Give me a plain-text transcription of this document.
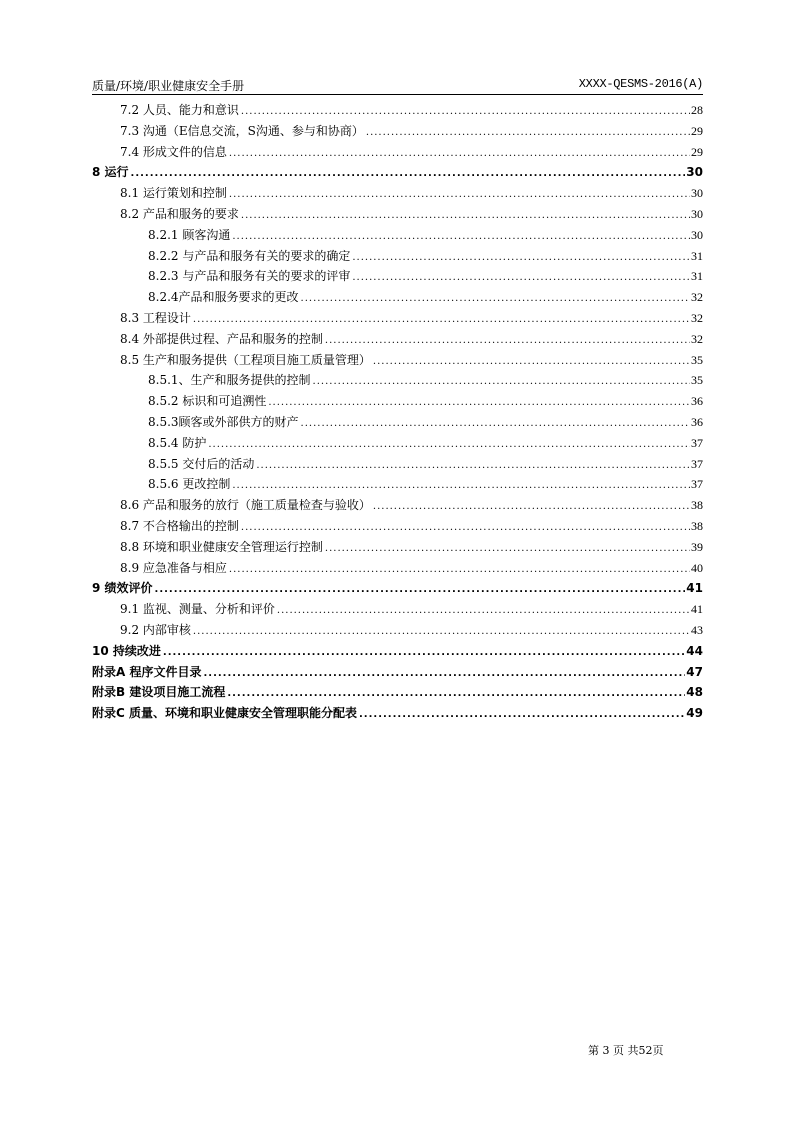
质量/环境/职业健康安全手册	XXXX-QESMS-2016(A)
7.2 人员、能力和意识 .....	28
7.3 沟通（E信息交流，S沟通、参与和协商） .....	29
7.4 形成文件的信息 .....	29
8 运行 .....	30
8.1 运行策划和控制 .....	30
8.2 产品和服务的要求 .....	30
8.2.1 顾客沟通 .....	30
8.2.2 与产品和服务有关的要求的确定 .....	31
8.2.3 与产品和服务有关的要求的评审 .....	31
8.2.4产品和服务要求的更改 .....	32
8.3 工程设计 .....	32
8.4 外部提供过程、产品和服务的控制 .....	32
8.5 生产和服务提供（工程项目施工质量管理） .....	35
8.5.1、生产和服务提供的控制 .....	35
8.5.2 标识和可追溯性 .....	36
8.5.3顾客或外部供方的财产 .....	36
8.5.4 防护 .....	37
8.5.5 交付后的活动 .....	37
8.5.6 更改控制 .....	37
8.6 产品和服务的放行（施工质量检查与验收） .....	38
8.7 不合格输出的控制 .....	38
8.8 环境和职业健康安全管理运行控制 .....	39
8.9 应急准备与相应 .....	40
9 绩效评价 .....	41
9.1 监视、测量、分析和评价 .....	41
9.2 内部审核 .....	43
10 持续改进 .....	44
附录A 程序文件目录 .....	47
附录B 建设项目施工流程 .....	48
附录C 质量、环境和职业健康安全管理职能分配表 .....	49
第 3 页 共52页
